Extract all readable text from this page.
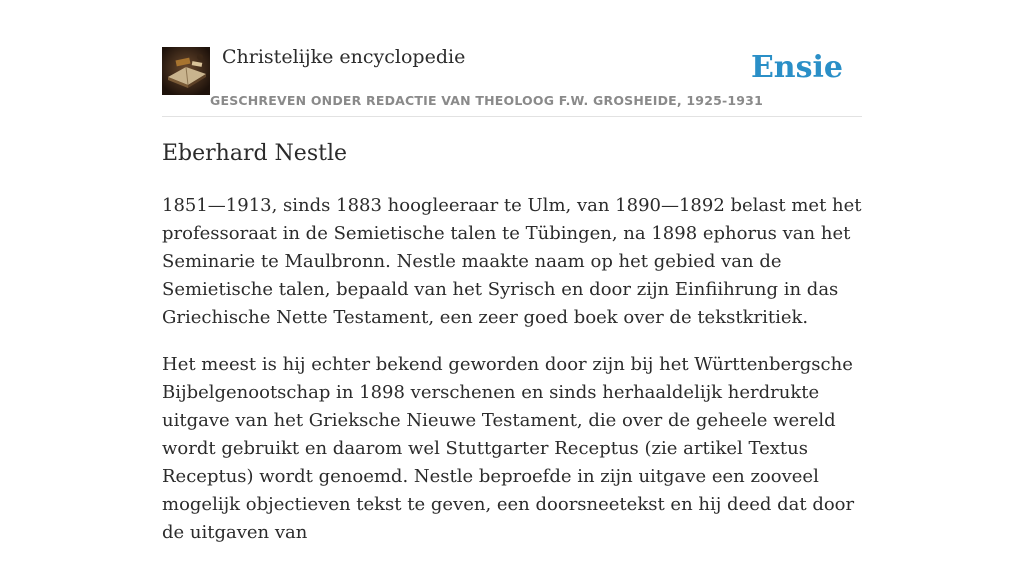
Christelijke encyclopedie
GESCHREVEN ONDER REDACTIE VAN THEOLOOG F.W. GROSHEIDE, 1925-1931
Ensie
Eberhard Nestle

1851—1913, sinds 1883 hoogleeraar te Ulm, van 1890—1892 belast met het professoraat in de Semietische talen te Tübingen, na 1898 ephorus van het Seminarie te Maulbronn. Nestle maakte naam op het gebied van de Semietische talen, bepaald van het Syrisch en door zijn Einfiihrung in das Griechische Nette Testament, een zeer goed boek over de tekstkritiek.

Het meest is hij echter bekend geworden door zijn bij het Württenbergsche Bijbelgenootschap in 1898 verschenen en sinds herhaaldelijk herdrukte uitgave van het Grieksche Nieuwe Testament, die over de geheele wereld wordt gebruikt en daarom wel Stuttgarter Receptus (zie artikel Textus Receptus) wordt genoemd. Nestle beproefde in zijn uitgave een zooveel mogelijk objectieven tekst te geven, een doorsneetekst en hij deed dat door de uitgaven van
